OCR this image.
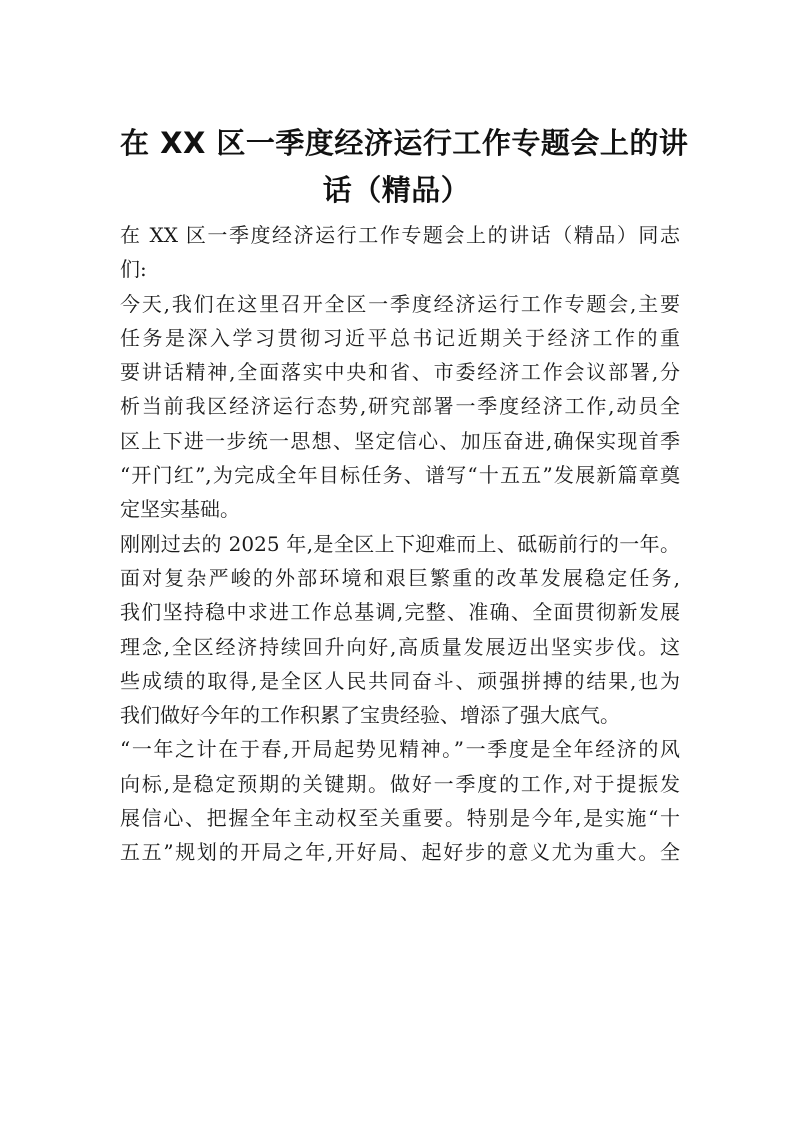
在 XX 区一季度经济运行工作专题会上的讲
话（精品）
在 XX 区一季度经济运行工作专题会上的讲话（精品）同志
们:
今天,我们在这里召开全区一季度经济运行工作专题会,主要
任务是深入学习贯彻习近平总书记近期关于经济工作的重
要讲话精神,全面落实中央和省、市委经济工作会议部署,分
析当前我区经济运行态势,研究部署一季度经济工作,动员全
区上下进一步统一思想、坚定信心、加压奋进,确保实现首季
“开门红”,为完成全年目标任务、谱写“十五五”发展新篇章奠
定坚实基础。
刚刚过去的 2025 年,是全区上下迎难而上、砥砺前行的一年。
面对复杂严峻的外部环境和艰巨繁重的改革发展稳定任务,
我们坚持稳中求进工作总基调,完整、准确、全面贯彻新发展
理念,全区经济持续回升向好,高质量发展迈出坚实步伐。这
些成绩的取得,是全区人民共同奋斗、顽强拼搏的结果,也为
我们做好今年的工作积累了宝贵经验、增添了强大底气。
“一年之计在于春,开局起势见精神。”一季度是全年经济的风
向标,是稳定预期的关键期。做好一季度的工作,对于提振发
展信心、把握全年主动权至关重要。特别是今年,是实施“十
五五”规划的开局之年,开好局、起好步的意义尤为重大。全
